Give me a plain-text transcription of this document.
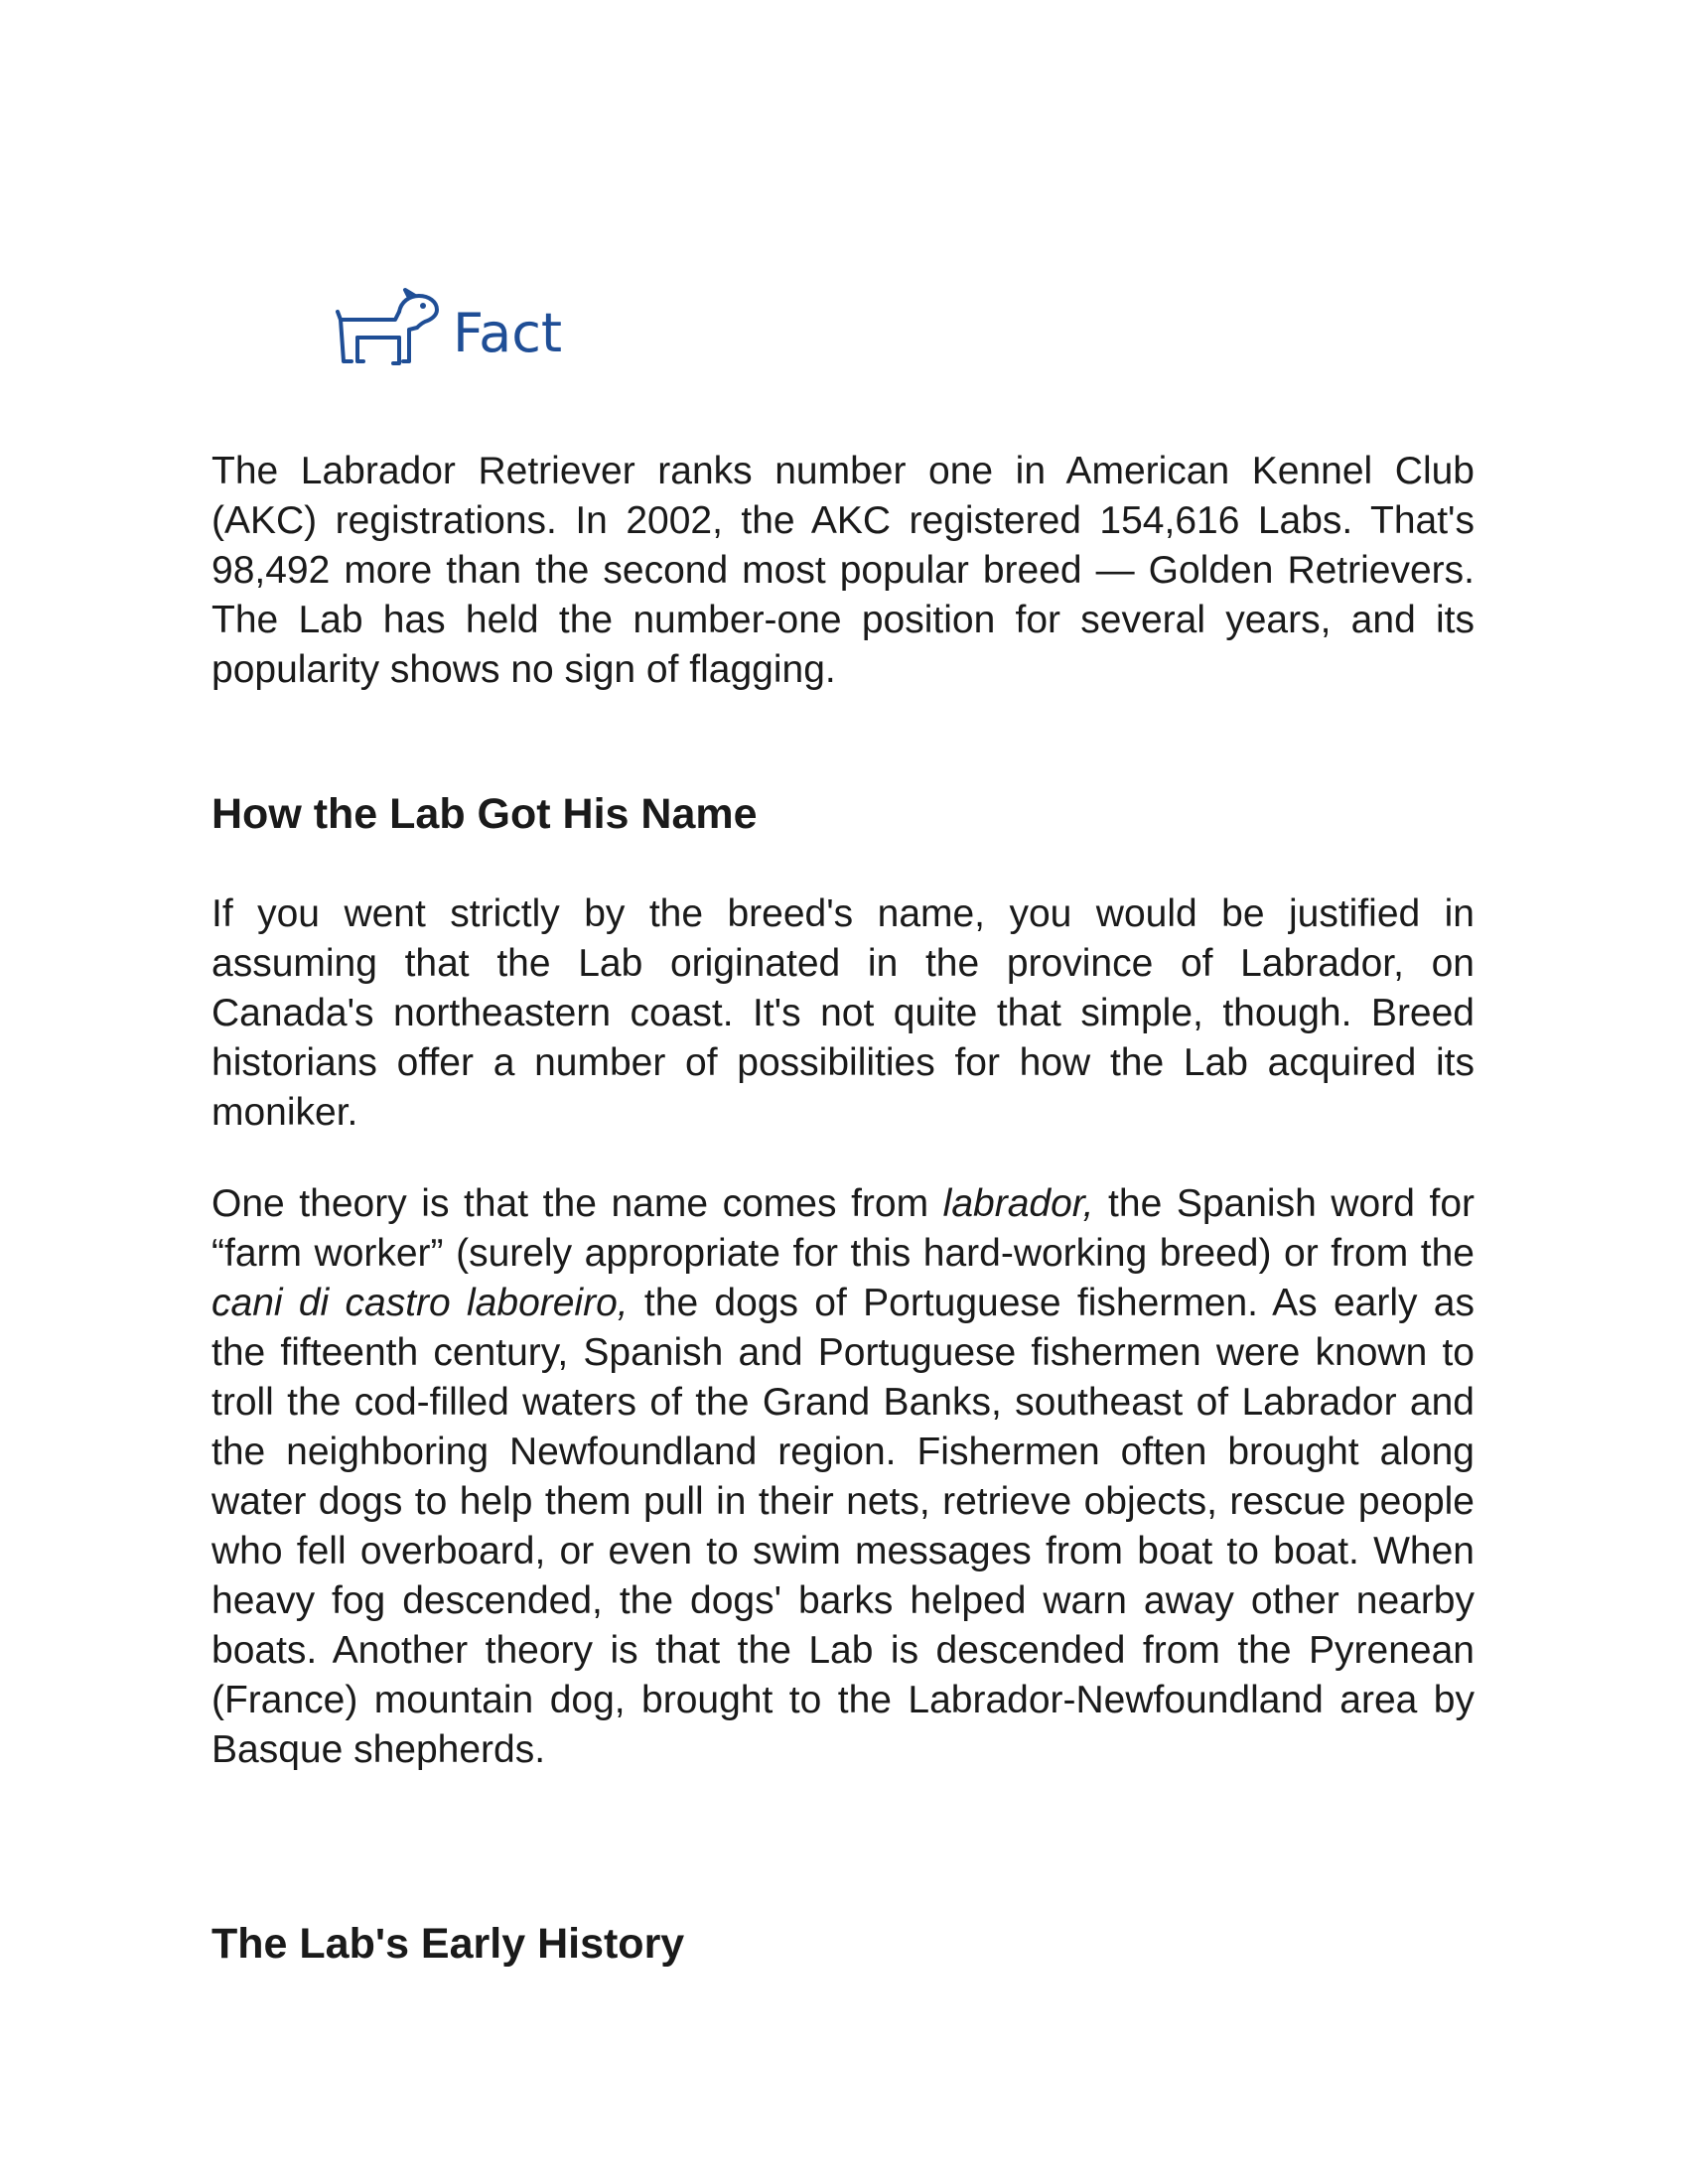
Fact

The Labrador Retriever ranks number one in American Kennel Club (AKC) registrations. In 2002, the AKC registered 154,616 Labs. That's 98,492 more than the second most popular breed — Golden Retrievers. The Lab has held the number-one position for several years, and its popularity shows no sign of flagging.

How the Lab Got His Name

If you went strictly by the breed's name, you would be justified in assuming that the Lab originated in the province of Labrador, on Canada's northeastern coast. It's not quite that simple, though. Breed historians offer a number of possibilities for how the Lab acquired its moniker.

One theory is that the name comes from labrador, the Spanish word for “farm worker” (surely appropriate for this hard-working breed) or from the cani di castro laboreiro, the dogs of Portuguese fishermen. As early as the fifteenth century, Spanish and Portuguese fishermen were known to troll the cod-filled waters of the Grand Banks, southeast of Labrador and the neighboring Newfoundland region. Fishermen often brought along water dogs to help them pull in their nets, retrieve objects, rescue people who fell overboard, or even to swim messages from boat to boat. When heavy fog descended, the dogs' barks helped warn away other nearby boats. Another theory is that the Lab is descended from the Pyrenean (France) mountain dog, brought to the Labrador-Newfoundland area by Basque shepherds.

The Lab's Early History
